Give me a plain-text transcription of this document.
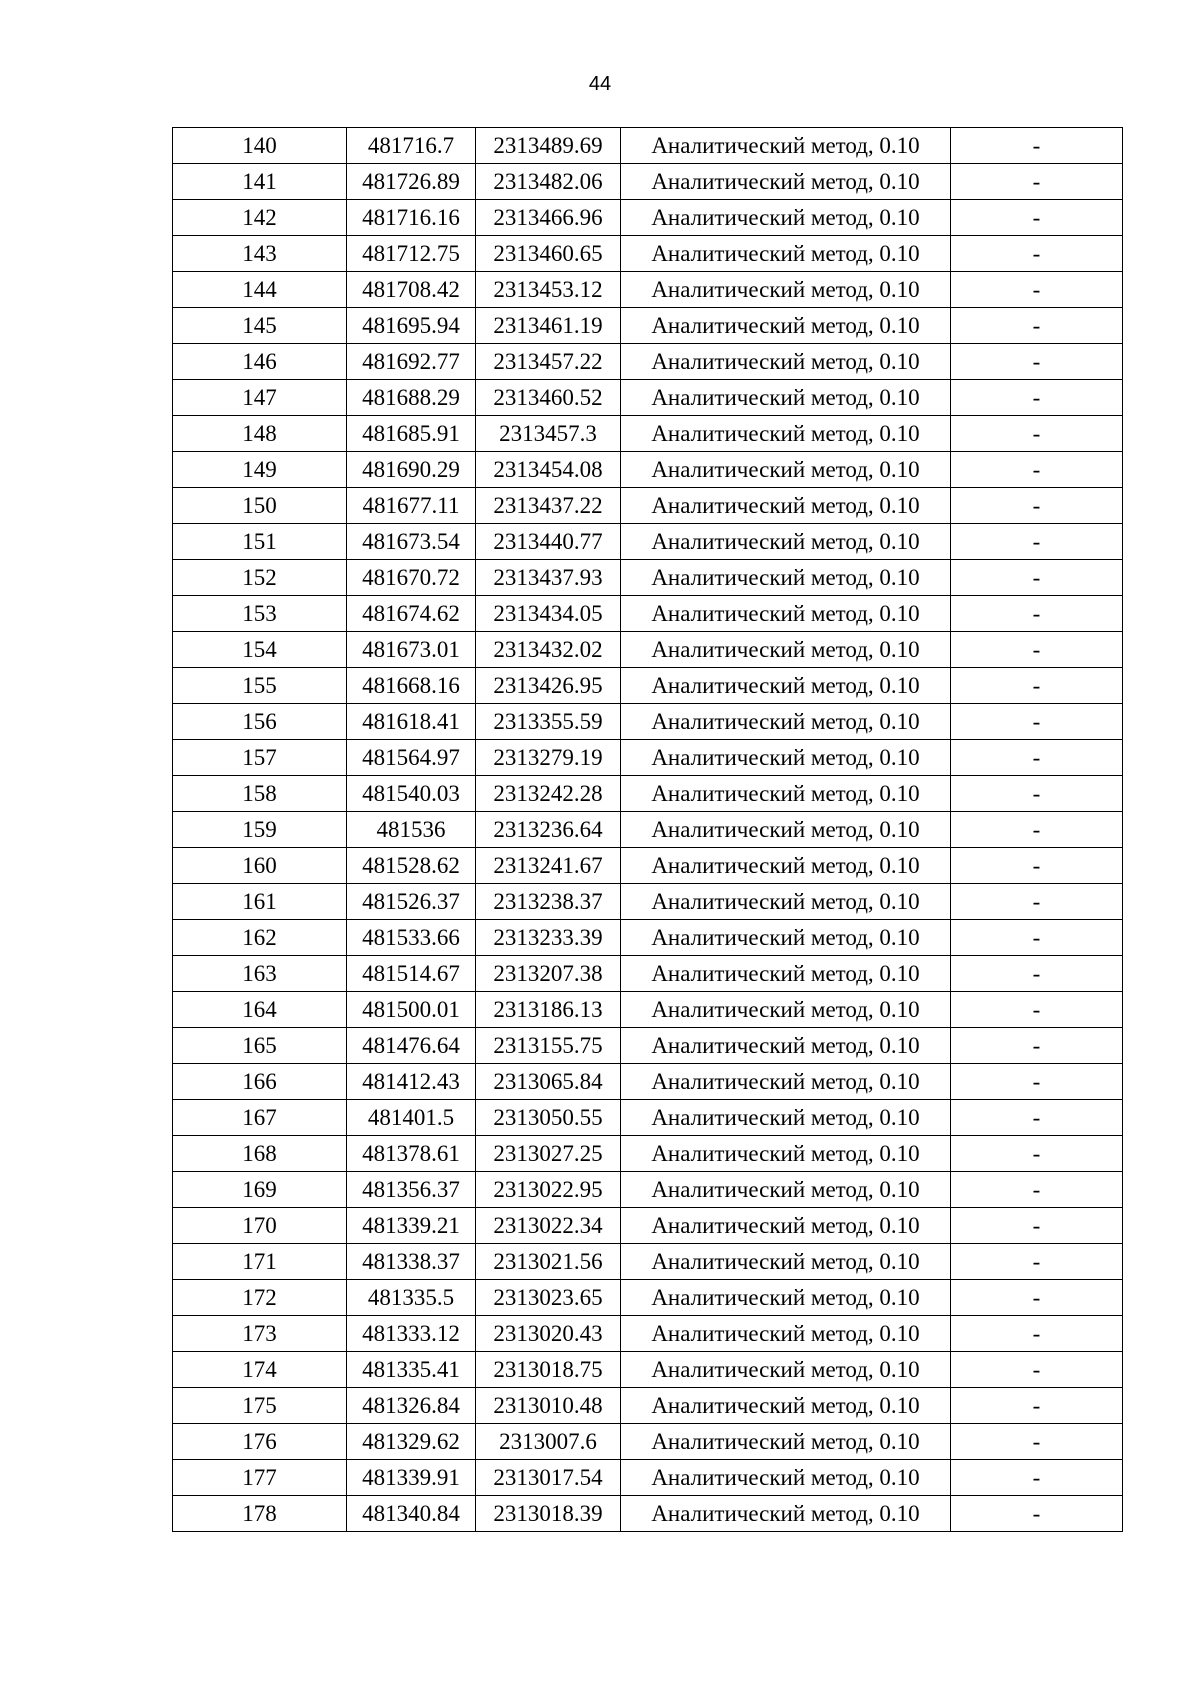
44
140	481716.7	2313489.69	Аналитический метод, 0.10	-
141	481726.89	2313482.06	Аналитический метод, 0.10	-
142	481716.16	2313466.96	Аналитический метод, 0.10	-
143	481712.75	2313460.65	Аналитический метод, 0.10	-
144	481708.42	2313453.12	Аналитический метод, 0.10	-
145	481695.94	2313461.19	Аналитический метод, 0.10	-
146	481692.77	2313457.22	Аналитический метод, 0.10	-
147	481688.29	2313460.52	Аналитический метод, 0.10	-
148	481685.91	2313457.3	Аналитический метод, 0.10	-
149	481690.29	2313454.08	Аналитический метод, 0.10	-
150	481677.11	2313437.22	Аналитический метод, 0.10	-
151	481673.54	2313440.77	Аналитический метод, 0.10	-
152	481670.72	2313437.93	Аналитический метод, 0.10	-
153	481674.62	2313434.05	Аналитический метод, 0.10	-
154	481673.01	2313432.02	Аналитический метод, 0.10	-
155	481668.16	2313426.95	Аналитический метод, 0.10	-
156	481618.41	2313355.59	Аналитический метод, 0.10	-
157	481564.97	2313279.19	Аналитический метод, 0.10	-
158	481540.03	2313242.28	Аналитический метод, 0.10	-
159	481536	2313236.64	Аналитический метод, 0.10	-
160	481528.62	2313241.67	Аналитический метод, 0.10	-
161	481526.37	2313238.37	Аналитический метод, 0.10	-
162	481533.66	2313233.39	Аналитический метод, 0.10	-
163	481514.67	2313207.38	Аналитический метод, 0.10	-
164	481500.01	2313186.13	Аналитический метод, 0.10	-
165	481476.64	2313155.75	Аналитический метод, 0.10	-
166	481412.43	2313065.84	Аналитический метод, 0.10	-
167	481401.5	2313050.55	Аналитический метод, 0.10	-
168	481378.61	2313027.25	Аналитический метод, 0.10	-
169	481356.37	2313022.95	Аналитический метод, 0.10	-
170	481339.21	2313022.34	Аналитический метод, 0.10	-
171	481338.37	2313021.56	Аналитический метод, 0.10	-
172	481335.5	2313023.65	Аналитический метод, 0.10	-
173	481333.12	2313020.43	Аналитический метод, 0.10	-
174	481335.41	2313018.75	Аналитический метод, 0.10	-
175	481326.84	2313010.48	Аналитический метод, 0.10	-
176	481329.62	2313007.6	Аналитический метод, 0.10	-
177	481339.91	2313017.54	Аналитический метод, 0.10	-
178	481340.84	2313018.39	Аналитический метод, 0.10	-
